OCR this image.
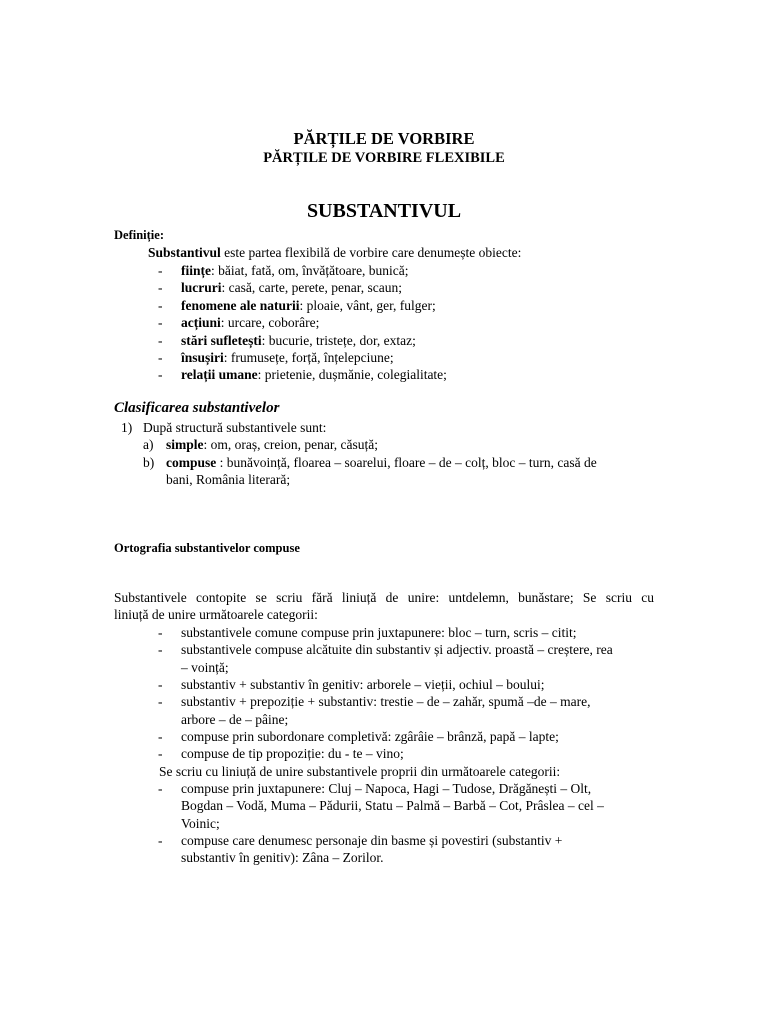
PĂRȚILE DE VORBIRE
PĂRȚILE DE VORBIRE FLEXIBILE
SUBSTANTIVUL
Definiție:
Substantivul este partea flexibilă de vorbire care denumește obiecte:
- ființe: băiat, fată, om, învățătoare, bunică;
- lucruri: casă, carte, perete, penar, scaun;
- fenomene ale naturii: ploaie, vânt, ger, fulger;
- acțiuni: urcare, coborâre;
- stări sufletești: bucurie, tristețe, dor, extaz;
- însușiri: frumusețe, forță, înțelepciune;
- relații umane: prietenie, dușmănie, colegialitate;
Clasificarea substantivelor
1) După structură substantivele sunt:
a) simple: om, oraș, creion, penar, căsuță;
b) compuse : bunăvoință, floarea – soarelui, floare – de – colț, bloc – turn, casă de
bani, România literară;
Ortografia substantivelor compuse
Substantivele contopite se scriu fără liniuță de unire: untdelemn, bunăstare; Se scriu cu
liniuță de unire următoarele categorii:
- substantivele comune compuse prin juxtapunere: bloc – turn, scris – citit;
- substantivele compuse alcătuite din substantiv și adjectiv. proastă – creștere, rea
– voință;
- substantiv + substantiv în genitiv: arborele – vieții, ochiul – boului;
- substantiv + prepoziție + substantiv: trestie – de – zahăr, spumă –de – mare,
arbore – de – pâine;
- compuse prin subordonare completivă: zgârâie – brânză, papă – lapte;
- compuse de tip propoziție: du - te – vino;
Se scriu cu liniuță de unire substantivele proprii din următoarele categorii:
- compuse prin juxtapunere: Cluj – Napoca, Hagi – Tudose, Drăgănești – Olt,
Bogdan – Vodă, Muma – Pădurii, Statu – Palmă – Barbă – Cot, Prâslea – cel –
Voinic;
- compuse care denumesc personaje din basme și povestiri (substantiv +
substantiv în genitiv): Zâna – Zorilor.
